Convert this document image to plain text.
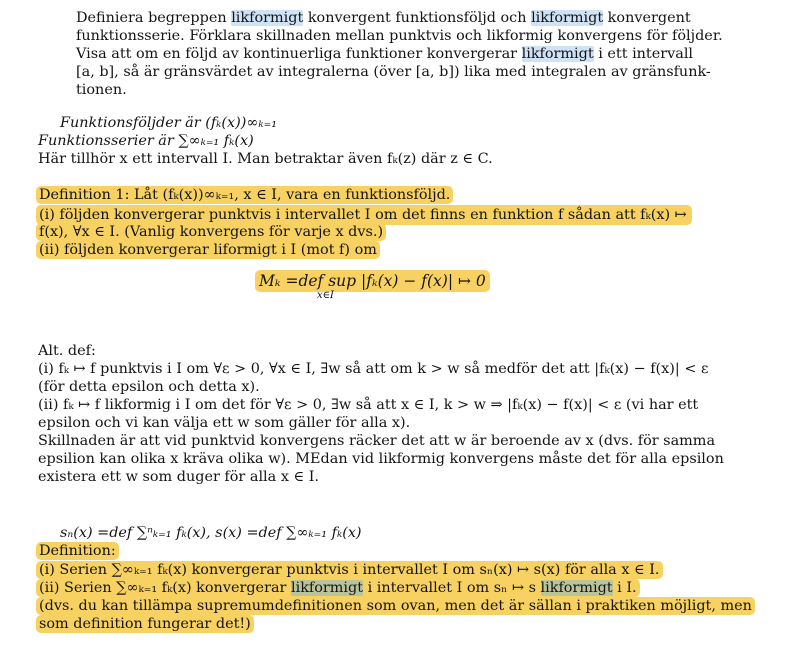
Definiera begreppen likformigt konvergent funktionsföljd och likformigt konvergent
funktionsserie. Förklara skillnaden mellan punktvis och likformig konvergens för följder.
Visa att om en följd av kontinuerliga funktioner konvergerar likformigt i ett intervall
[a, b], så är gränsvärdet av integralerna (över [a, b]) lika med integralen av gränsfunk-
tionen.
Funktionsföljder är (fₖ(x))∞ₖ₌₁
Funktionsserier är ∑∞ₖ₌₁ fₖ(x)
Här tillhör x ett intervall I. Man betraktar även fₖ(z) där z ∈ C.
Definition 1: Låt (fₖ(x))∞ₖ₌₁, x ∈ I, vara en funktionsföljd.
(i) följden konvergerar punktvis i intervallet I om det finns en funktion f sådan att fₖ(x) ↦
f(x), ∀x ∈ I. (Vanlig konvergens för varje x dvs.)
(ii) följden konvergerar liformigt i I (mot f) om
Mₖ =def sup |fₖ(x) − f(x)| ↦ 0
x∈I
Alt. def:
(i) fₖ ↦ f punktvis i I om ∀ε > 0, ∀x ∈ I, ∃w så att om k > w så medför det att |fₖ(x) − f(x)| < ε
(för detta epsilon och detta x).
(ii) fₖ ↦ f likformig i I om det för ∀ε > 0, ∃w så att x ∈ I, k > w ⇒ |fₖ(x) − f(x)| < ε (vi har ett
epsilon och vi kan välja ett w som gäller för alla x).
Skillnaden är att vid punktvid konvergens räcker det att w är beroende av x (dvs. för samma
epsilion kan olika x kräva olika w). MEdan vid likformig konvergens måste det för alla epsilon
existera ett w som duger för alla x ∈ I.
sₙ(x) =def ∑ⁿₖ₌₁ fₖ(x), s(x) =def ∑∞ₖ₌₁ fₖ(x)
Definition:
(i) Serien ∑∞ₖ₌₁ fₖ(x) konvergerar punktvis i intervallet I om sₙ(x) ↦ s(x) för alla x ∈ I.
(ii) Serien ∑∞ₖ₌₁ fₖ(x) konvergerar likformigt i intervallet I om sₙ ↦ s likformigt i I.
(dvs. du kan tillämpa supremumdefinitionen som ovan, men det är sällan i praktiken möjligt, men
som definition fungerar det!)
